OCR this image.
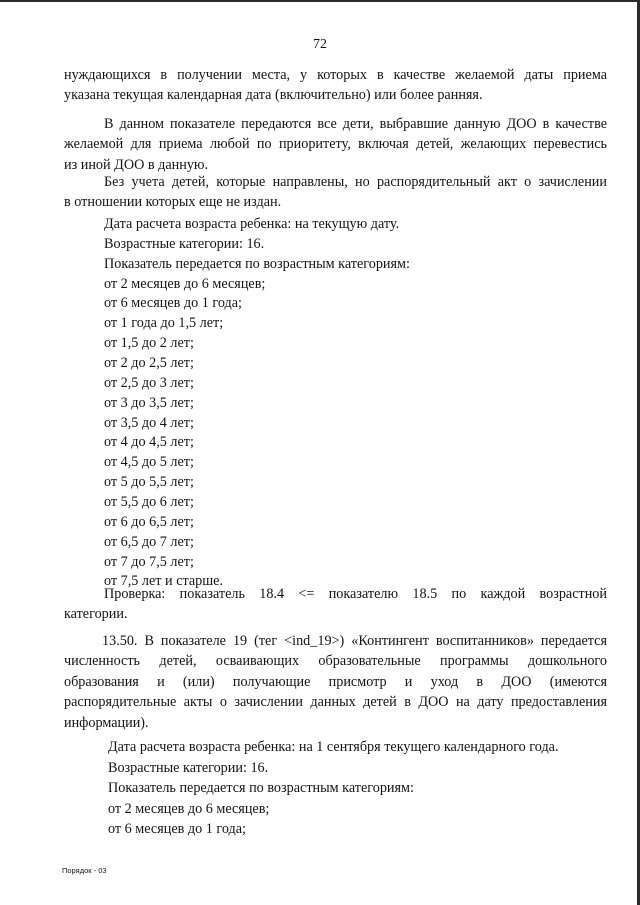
72
нуждающихся в получении места, у которых в качестве желаемой даты приема
указана текущая календарная дата (включительно) или более ранняя.
В данном показателе передаются все дети, выбравшие данную ДОО в качестве
желаемой для приема любой по приоритету, включая детей, желающих перевестись
из иной ДОО в данную.
Без учета детей, которые направлены, но распорядительный акт о зачислении
в отношении которых еще не издан.
Дата расчета возраста ребенка: на текущую дату.
Возрастные категории: 16.
Показатель передается по возрастным категориям:
от 2 месяцев до 6 месяцев;
от 6 месяцев до 1 года;
от 1 года до 1,5 лет;
от 1,5 до 2 лет;
от 2 до 2,5 лет;
от 2,5 до 3 лет;
от 3 до 3,5 лет;
от 3,5 до 4 лет;
от 4 до 4,5 лет;
от 4,5 до 5 лет;
от 5 до 5,5 лет;
от 5,5 до 6 лет;
от 6 до 6,5 лет;
от 6,5 до 7 лет;
от 7 до 7,5 лет;
от 7,5 лет и старше.
Проверка: показатель 18.4 <= показателю 18.5 по каждой возрастной
категории.
13.50. В показателе 19 (тег <ind_19>) «Контингент воспитанников» передается
численность детей, осваивающих образовательные программы дошкольного
образования и (или) получающие присмотр и уход в ДОО (имеются
распорядительные акты о зачислении данных детей в ДОО на дату предоставления
информации).
Дата расчета возраста ребенка: на 1 сентября текущего календарного года.
Возрастные категории: 16.
Показатель передается по возрастным категориям:
от 2 месяцев до 6 месяцев;
от 6 месяцев до 1 года;
Порядок - 03
